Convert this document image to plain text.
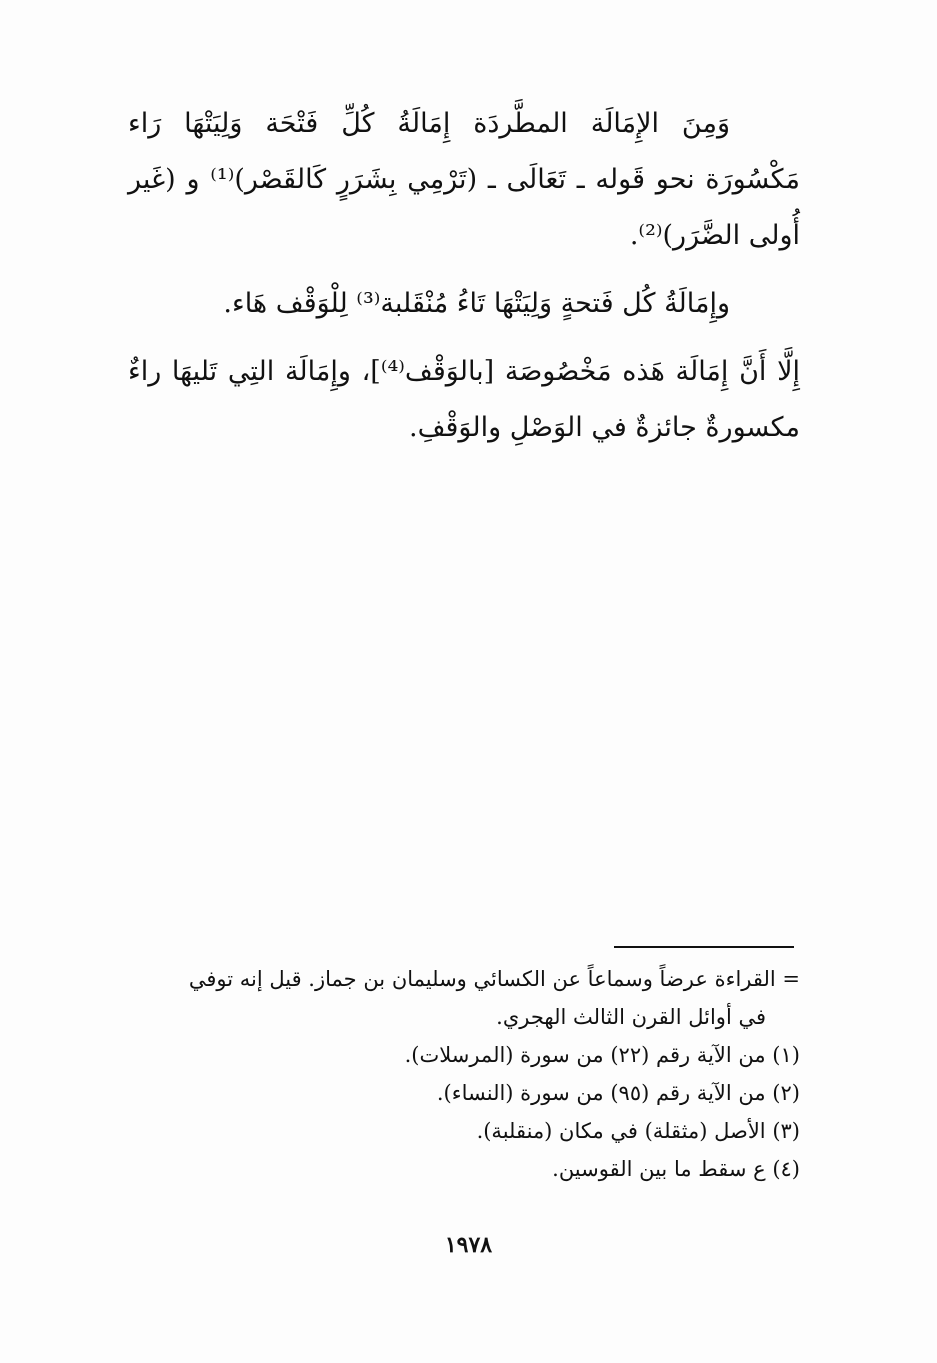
وَمِنَ الإِمَالَة المطَّردَة إِمَالَةُ كُلِّ فَتْحَة وَلِيَتْهَا رَاء مَكْسُورَة نحو قَوله ـ تَعَالَى ـ (تَرْمِي بِشَرَرٍ كَالقَصْر)⁽¹⁾ و (غَير أُولى الضَّرَر)⁽²⁾.

وإِمَالَةُ كُل فَتحةٍ وَلِيَتْهَا تَاءُ مُنْقَلبة⁽³⁾ لِلْوَقْف هَاء.

إِلَّا أَنَّ إِمَالَة هَذه مَخْصُوصَة [بالوَقْف⁽⁴⁾]، وإِمَالَة التِي تَليهَا راءٌ مكسورةٌ جائزةٌ في الوَصْلِ والوَقْفِ.

= القراءة عرضاً وسماعاً عن الكسائي وسليمان بن جماز. قيل إنه توفي

في أوائل القرن الثالث الهجري.

(١) من الآية رقم (٢٢) من سورة (المرسلات).

(٢) من الآية رقم (٩٥) من سورة (النساء).

(٣) الأصل (مثقلة) في مكان (منقلبة).

(٤) ع سقط ما بين القوسين.

١٩٧٨
